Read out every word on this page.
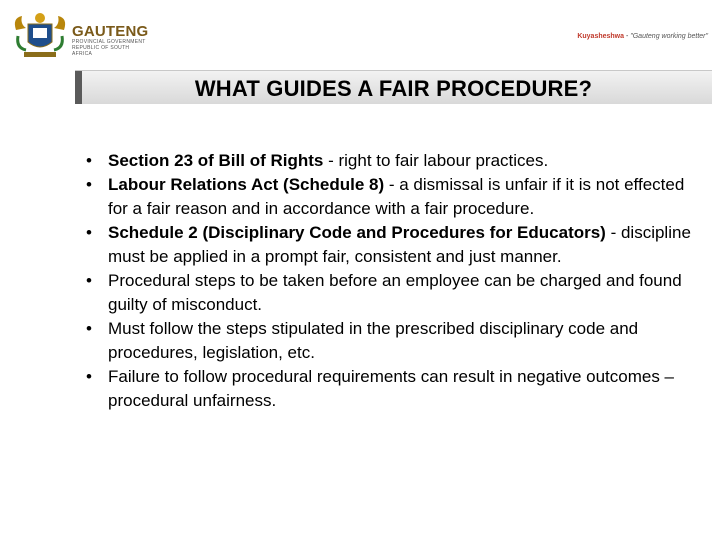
GAUTENG
PROVINCIAL GOVERNMENT
REPUBLIC OF SOUTH AFRICA
Kuyasheshwa - "Gauteng working better"
WHAT GUIDES A FAIR PROCEDURE?
• Section 23 of Bill of Rights - right to fair labour practices.
• Labour Relations Act (Schedule 8) - a dismissal is unfair if it is not effected for a fair reason and in accordance with a fair procedure.
• Schedule 2 (Disciplinary Code and Procedures for Educators) - discipline must be applied in a prompt fair, consistent and just manner.
• Procedural steps to be taken before an employee can be charged and found guilty of misconduct.
• Must follow the steps stipulated in the prescribed disciplinary code and procedures, legislation, etc.
• Failure to follow procedural requirements can result in negative outcomes – procedural unfairness.
